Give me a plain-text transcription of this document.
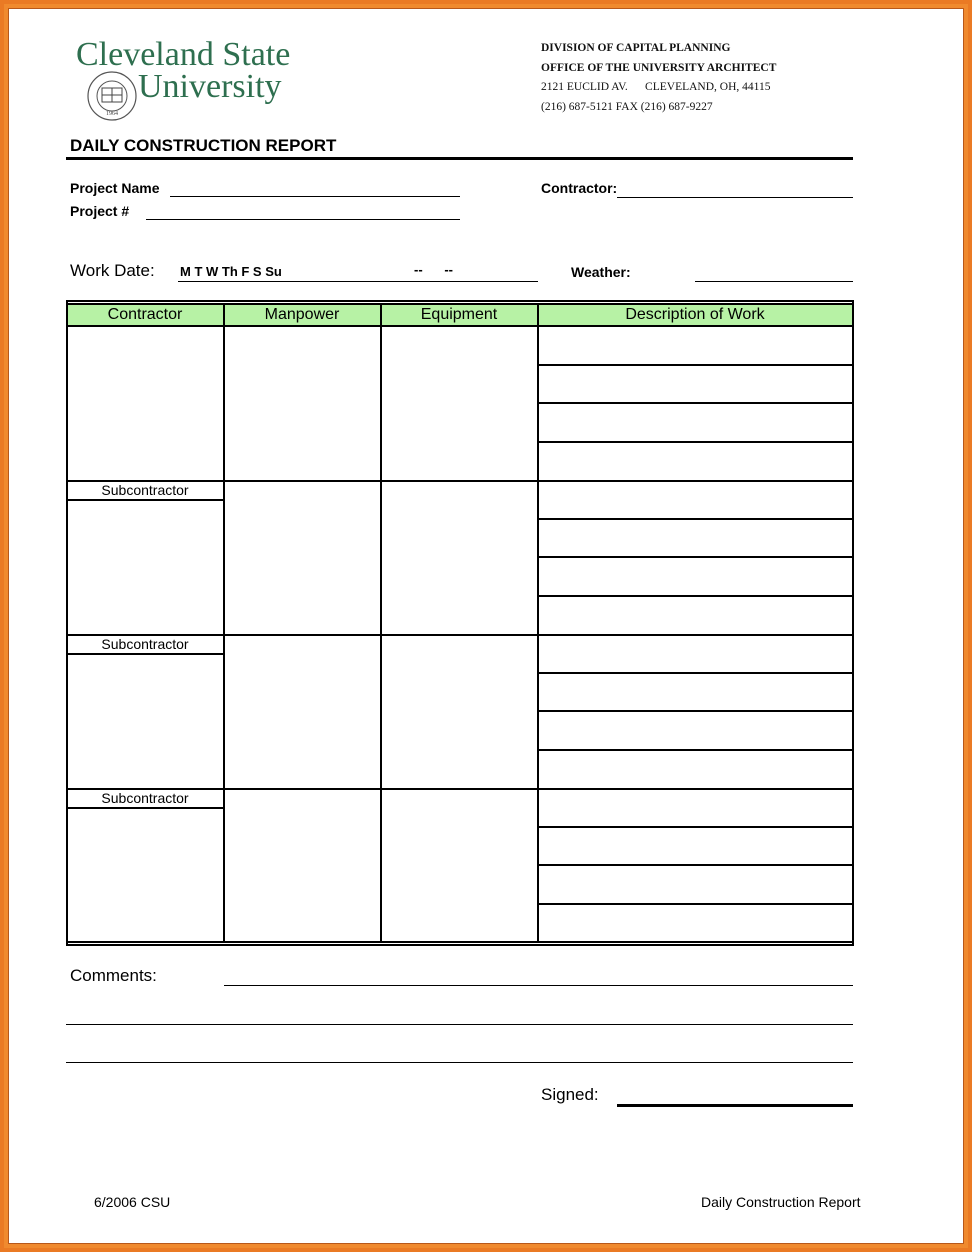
Cleveland State
University
1964
DIVISION OF CAPITAL PLANNING
OFFICE OF THE UNIVERSITY ARCHITECT
2121 EUCLID AV.      CLEVELAND, OH, 44115
(216) 687-5121 FAX (216) 687-9227
DAILY CONSTRUCTION REPORT
Project Name
Project #
Contractor:
Work Date: M T W Th F S Su	--      --	Weather:
Contractor	Manpower	Equipment	Description of Work
Subcontractor
Subcontractor
Subcontractor
Comments:
Signed:
6/2006 CSU	Daily Construction Report
